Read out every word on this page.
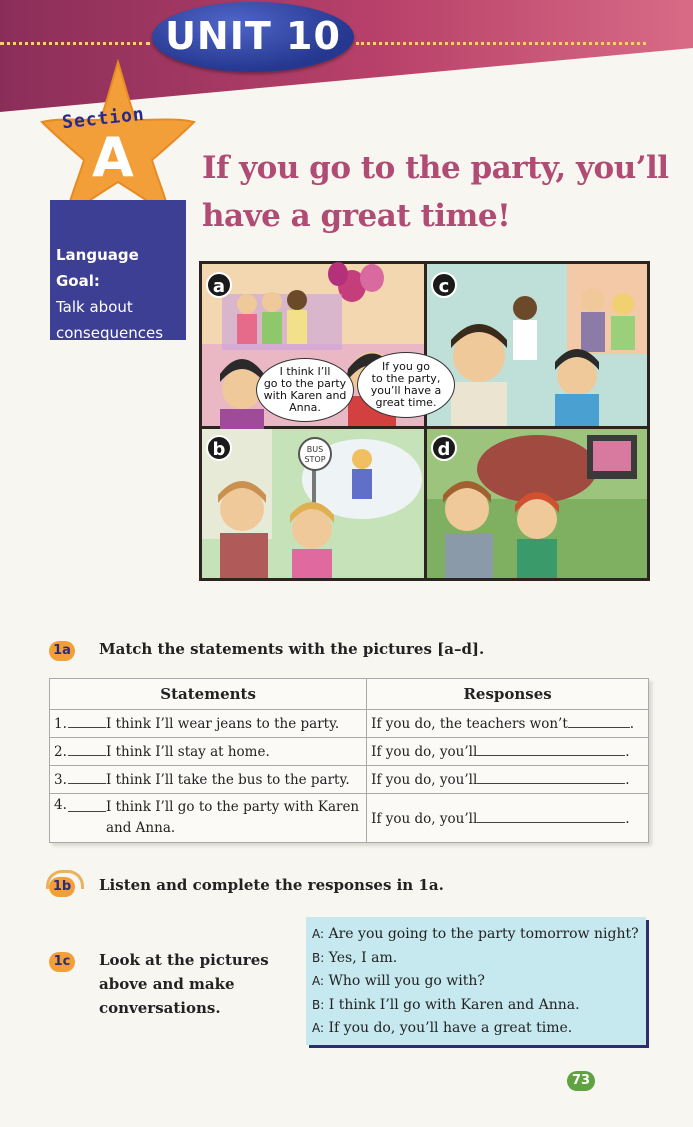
UNIT 10
Section
A If you go to the party, you’ll
have a great time!
Language Goal:
Talk about
consequences
a
I think I’ll
go to the party
with Karen and
Anna.
c
If you go
to the party,
you’ll have a
great time.
b	BUS
STOP	d
1a Match the statements with the pictures [a–d].
Statements	Responses
1. I think I’ll wear jeans to the party.	If you do, the teachers won’t .
2. I think I’ll stay at home.	If you do, you’ll .
3. I think I’ll take the bus to the party.	If you do, you’ll .

4. I think I’ll go to the party with Karen
and Anna.	If you do, you’ll .
1b Listen and complete the responses in 1a.
1c	Look at the pictures
above and make
conversations.
A: Are you going to the party tomorrow night?
B: Yes, I am.
A: Who will you go with?
B: I think I’ll go with Karen and Anna.
A: If you do, you’ll have a great time.
73
